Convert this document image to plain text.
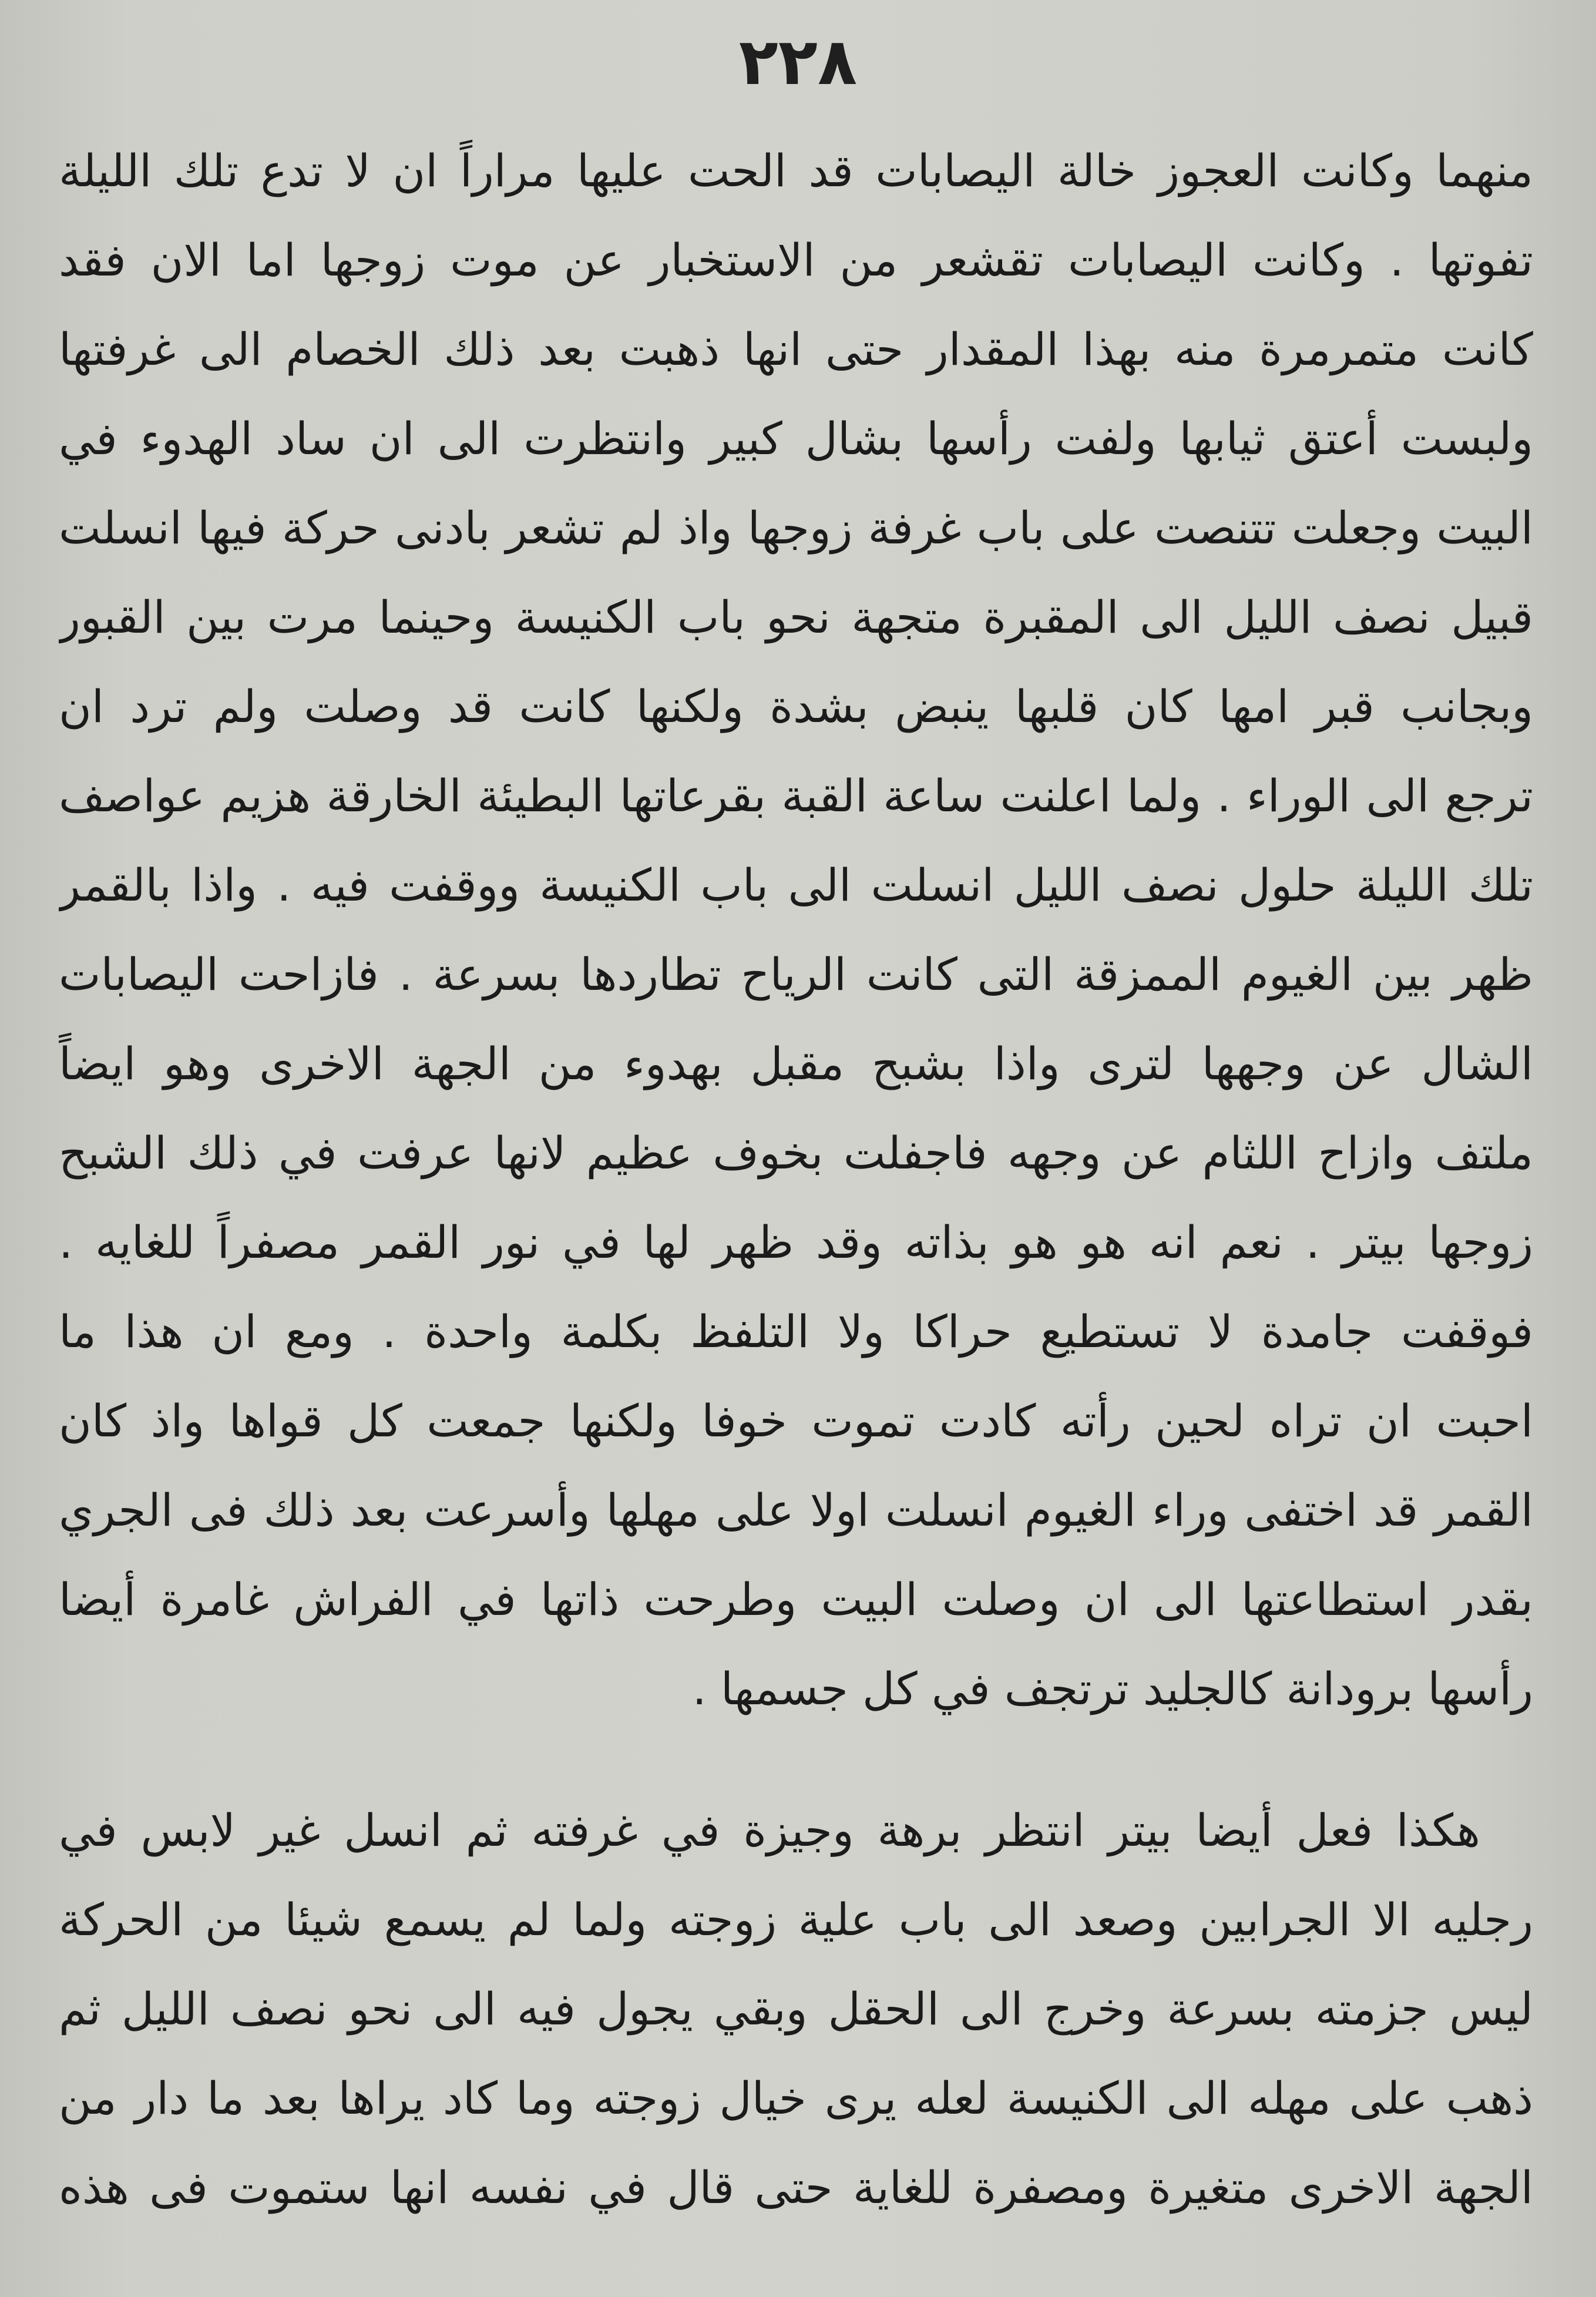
٢٢٨
منهما وكانت العجوز خالة اليصابات قد الحت عليها مراراً ان لا تدع تلك الليلة
تفوتها . وكانت اليصابات تقشعر من الاستخبار عن موت زوجها اما الان فقد
كانت متمرمرة منه بهذا المقدار حتى انها ذهبت بعد ذلك الخصام الى غرفتها
ولبست أعتق ثيابها ولفت رأسها بشال كبير وانتظرت الى ان ساد الهدوء في
البيت وجعلت تتنصت على باب غرفة زوجها واذ لم تشعر بادنى حركة فيها انسلت
قبيل نصف الليل الى المقبرة متجهة نحو باب الكنيسة وحينما مرت بين القبور
وبجانب قبر امها كان قلبها ينبض بشدة ولكنها كانت قد وصلت ولم ترد ان
ترجع الى الوراء . ولما اعلنت ساعة القبة بقرعاتها البطيئة الخارقة هزيم عواصف
تلك الليلة حلول نصف الليل انسلت الى باب الكنيسة ووقفت فيه . واذا بالقمر
ظهر بين الغيوم الممزقة التى كانت الرياح تطاردها بسرعة . فازاحت اليصابات
الشال عن وجهها لترى واذا بشبح مقبل بهدوء من الجهة الاخرى وهو ايضاً
ملتف وازاح اللثام عن وجهه فاجفلت بخوف عظيم لانها عرفت في ذلك الشبح
زوجها بيتر . نعم انه هو هو بذاته وقد ظهر لها في نور القمر مصفراً للغايه .
فوقفت جامدة لا تستطيع حراكا ولا التلفظ بكلمة واحدة . ومع ان هذا ما
احبت ان تراه لحين رأته كادت تموت خوفا ولكنها جمعت كل قواها واذ كان
القمر قد اختفى وراء الغيوم انسلت اولا على مهلها وأسرعت بعد ذلك فى الجري
بقدر استطاعتها الى ان وصلت البيت وطرحت ذاتها في الفراش غامرة أيضا
رأسها برودانة كالجليد ترتجف في كل جسمها .
هكذا فعل أيضا بيتر انتظر برهة وجيزة في غرفته ثم انسل غير لابس في
رجليه الا الجرابين وصعد الى باب علية زوجته ولما لم يسمع شيئا من الحركة
ليس جزمته بسرعة وخرج الى الحقل وبقي يجول فيه الى نحو نصف الليل ثم
ذهب على مهله الى الكنيسة لعله يرى خيال زوجته وما كاد يراها بعد ما دار من
الجهة الاخرى متغيرة ومصفرة للغاية حتى قال في نفسه انها ستموت فى هذه
